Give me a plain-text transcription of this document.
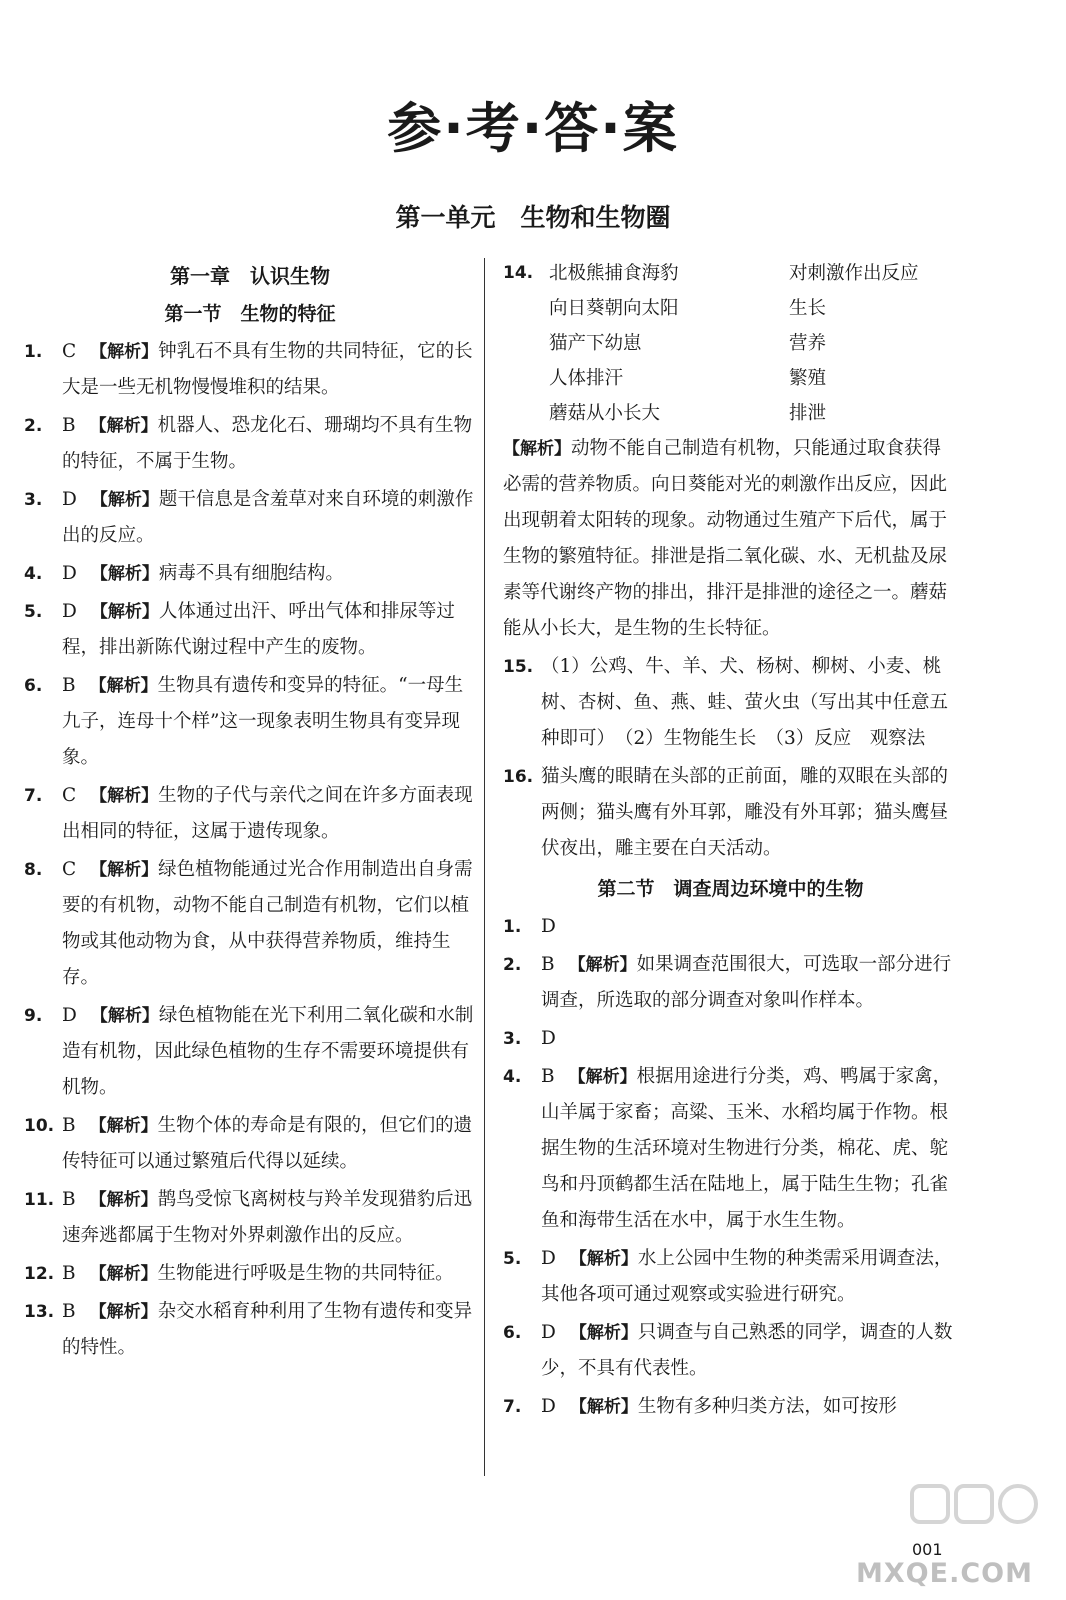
参·考·答·案
第一单元　生物和生物圈
第一章　认识生物
第一节　生物的特征
1.	C 【解析】钟乳石不具有生物的共同特征，它的长大是一些无机物慢慢堆积的结果。
2.	B 【解析】机器人、恐龙化石、珊瑚均不具有生物的特征，不属于生物。
3.	D 【解析】题干信息是含羞草对来自环境的刺激作出的反应。
4.	D 【解析】病毒不具有细胞结构。
5.	D 【解析】人体通过出汗、呼出气体和排尿等过程，排出新陈代谢过程中产生的废物。
6.	B 【解析】生物具有遗传和变异的特征。“一母生九子，连母十个样”这一现象表明生物具有变异现象。
7.	C 【解析】生物的子代与亲代之间在许多方面表现出相同的特征，这属于遗传现象。
8.	C 【解析】绿色植物能通过光合作用制造出自身需要的有机物，动物不能自己制造有机物，它们以植物或其他动物为食，从中获得营养物质，维持生存。
9.	D 【解析】绿色植物能在光下利用二氧化碳和水制造有机物，因此绿色植物的生存不需要环境提供有机物。
10. B 【解析】生物个体的寿命是有限的，但它们的遗传特征可以通过繁殖后代得以延续。
11. B 【解析】鹊鸟受惊飞离树枝与羚羊发现猎豹后迅速奔逃都属于生物对外界刺激作出的反应。
12. B 【解析】生物能进行呼吸是生物的共同特征。
13. B 【解析】杂交水稻育种利用了生物有遗传和变异的特性。
14. 北极熊捕食海豹	对刺激作出反应
向日葵朝向太阳	生长
猫产下幼崽	营养
人体排汗	繁殖
蘑菇从小长大	排泄
【解析】动物不能自己制造有机物，只能通过取食获得必需的营养物质。向日葵能对光的刺激作出反应，因此出现朝着太阳转的现象。动物通过生殖产下后代，属于生物的繁殖特征。排泄是指二氧化碳、水、无机盐及尿素等代谢终产物的排出，排汗是排泄的途径之一。蘑菇能从小长大，是生物的生长特征。
15. （1）公鸡、牛、羊、犬、杨树、柳树、小麦、桃树、杏树、鱼、燕、蛙、萤火虫（写出其中任意五种即可）　（2）生物能生长　（3）反应　观察法
16. 猫头鹰的眼睛在头部的正前面，雕的双眼在头部的两侧；猫头鹰有外耳郭，雕没有外耳郭；猫头鹰昼伏夜出，雕主要在白天活动。
第二节　调查周边环境中的生物
1.	D
2.	B 【解析】如果调查范围很大，可选取一部分进行调查，所选取的部分调查对象叫作样本。
3.	D
4.	B 【解析】根据用途进行分类，鸡、鸭属于家禽，山羊属于家畜；高粱、玉米、水稻均属于作物。根据生物的生活环境对生物进行分类，棉花、虎、鸵鸟和丹顶鹤都生活在陆地上，属于陆生生物；孔雀鱼和海带生活在水中，属于水生生物。
5.	D 【解析】水上公园中生物的种类需采用调查法，其他各项可通过观察或实验进行研究。
6.	D 【解析】只调查与自己熟悉的同学，调查的人数少，不具有代表性。
7.	D 【解析】生物有多种归类方法，如可按形
001
MXQE.COM
